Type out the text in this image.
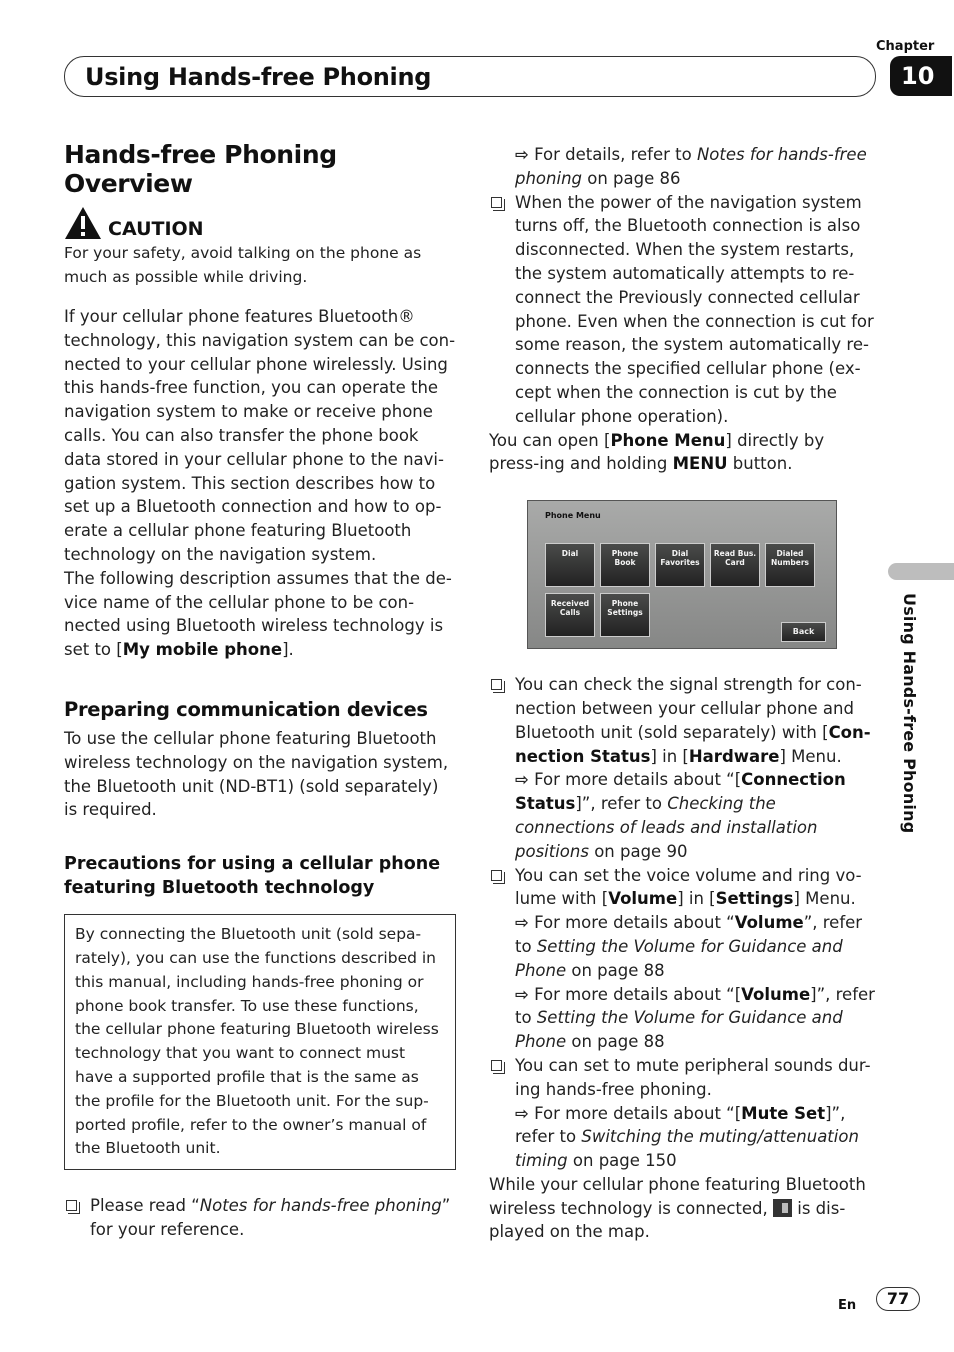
Chapter
10
Using Hands-free Phoning
Using Hands-free Phoning
Hands-free Phoning Overview
CAUTION

For your safety, avoid talking on the phone as much as possible while driving.

If your cellular phone features Bluetooth® technology, this navigation system can be con-nected to your cellular phone wirelessly. Using this hands-free function, you can operate the navigation system to make or receive phone calls. You can also transfer the phone book data stored in your cellular phone to the navi-gation system. This section describes how to set up a Bluetooth connection and how to op-erate a cellular phone featuring Bluetooth technology on the navigation system.

The following description assumes that the de-vice name of the cellular phone to be con-nected using Bluetooth wireless technology is set to [My mobile phone].

Preparing communication devices

To use the cellular phone featuring Bluetooth wireless technology on the navigation system, the Bluetooth unit (ND-BT1) (sold separately) is required.

Precautions for using a cellular phone featuring Bluetooth technology
By connecting the Bluetooth unit (sold sepa-rately), you can use the functions described in this manual, including hands-free phoning or phone book transfer. To use these functions, the cellular phone featuring Bluetooth wireless technology that you want to connect must have a supported profile that is the same as the profile for the Bluetooth unit. For the sup-ported profile, refer to the owner’s manual of the Bluetooth unit.
Please read “Notes for hands-free phoning” for your reference.
⇨ For details, refer to Notes for hands-free phoning on page 86
When the power of the navigation system turns off, the Bluetooth connection is also disconnected. When the system restarts, the system automatically attempts to re-connect the Previously connected cellular phone. Even when the connection is cut for some reason, the system automatically re-connects the specified cellular phone (ex-cept when the connection is cut by the cellular phone operation).

You can open [Phone Menu] directly by press-ing and holding MENU button.

Phone Menu
Dial	Phone Book
Dial Favorites
Read Bus. Card
Dialed Numbers
Received Calls
Phone Settings
Back
You can check the signal strength for con-nection between your cellular phone and Bluetooth unit (sold separately) with [Con-nection Status] in [Hardware] Menu.
⇨ For more details about “[Connection Status]”, refer to Checking the connections of leads and installation positions on page 90
You can set the voice volume and ring vo-lume with [Volume] in [Settings] Menu.
⇨ For more details about “Volume”, refer to Setting the Volume for Guidance and Phone on page 88
⇨ For more details about “[Volume]”, refer to Setting the Volume for Guidance and Phone on page 88
You can set to mute peripheral sounds dur-ing hands-free phoning.
⇨ For more details about “[Mute Set]”, refer to Switching the muting/attenuation timing on page 150

While your cellular phone featuring Bluetooth wireless technology is connected,  is dis-played on the map.

En	77
